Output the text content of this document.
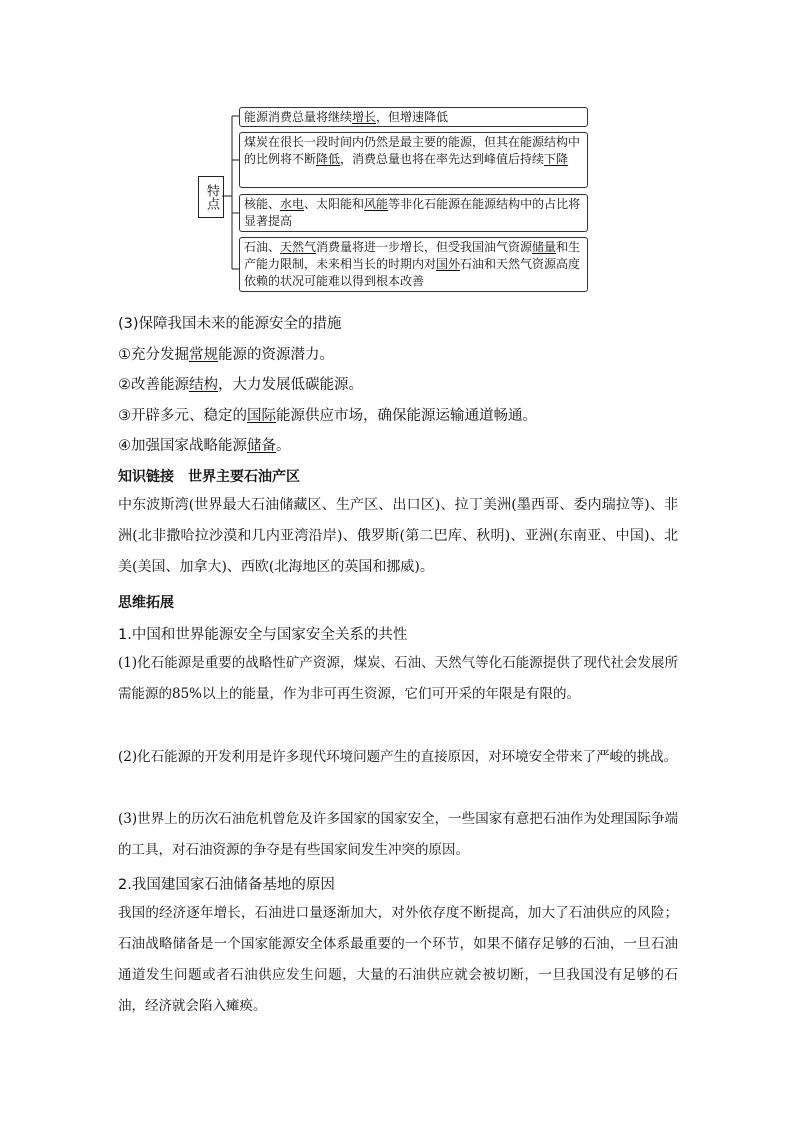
特点

能源消费总量将继续增长，但增速降低

煤炭在很长一段时间内仍然是最主要的能源，但其在能源结构中的比例将不断降低，消费总量也将在率先达到峰值后持续下降

核能、水电、太阳能和风能等非化石能源在能源结构中的占比将显著提高

石油、天然气消费量将进一步增长，但受我国油气资源储量和生产能力限制，未来相当长的时期内对国外石油和天然气资源高度依赖的状况可能难以得到根本改善

(3)保障我国未来的能源安全的措施
①充分发掘常规能源的资源潜力。
②改善能源结构，大力发展低碳能源。
③开辟多元、稳定的国际能源供应市场，确保能源运输通道畅通。
④加强国家战略能源储备。
知识链接　世界主要石油产区
中东波斯湾(世界最大石油储藏区、生产区、出口区)、拉丁美洲(墨西哥、委内瑞拉等)、非洲(北非撒哈拉沙漠和几内亚湾沿岸)、俄罗斯(第二巴库、秋明)、亚洲(东南亚、中国)、北美(美国、加拿大)、西欧(北海地区的英国和挪威)。
思维拓展
1.中国和世界能源安全与国家安全关系的共性
(1)化石能源是重要的战略性矿产资源，煤炭、石油、天然气等化石能源提供了现代社会发展所需能源的85%以上的能量，作为非可再生资源，它们可开采的年限是有限的。
(2)化石能源的开发利用是许多现代环境问题产生的直接原因，对环境安全带来了严峻的挑战。
(3)世界上的历次石油危机曾危及许多国家的国家安全，一些国家有意把石油作为处理国际争端的工具，对石油资源的争夺是有些国家间发生冲突的原因。
2.我国建国家石油储备基地的原因
我国的经济逐年增长，石油进口量逐渐加大，对外依存度不断提高，加大了石油供应的风险；石油战略储备是一个国家能源安全体系最重要的一个环节，如果不储存足够的石油，一旦石油通道发生问题或者石油供应发生问题，大量的石油供应就会被切断，一旦我国没有足够的石油，经济就会陷入瘫痪。
